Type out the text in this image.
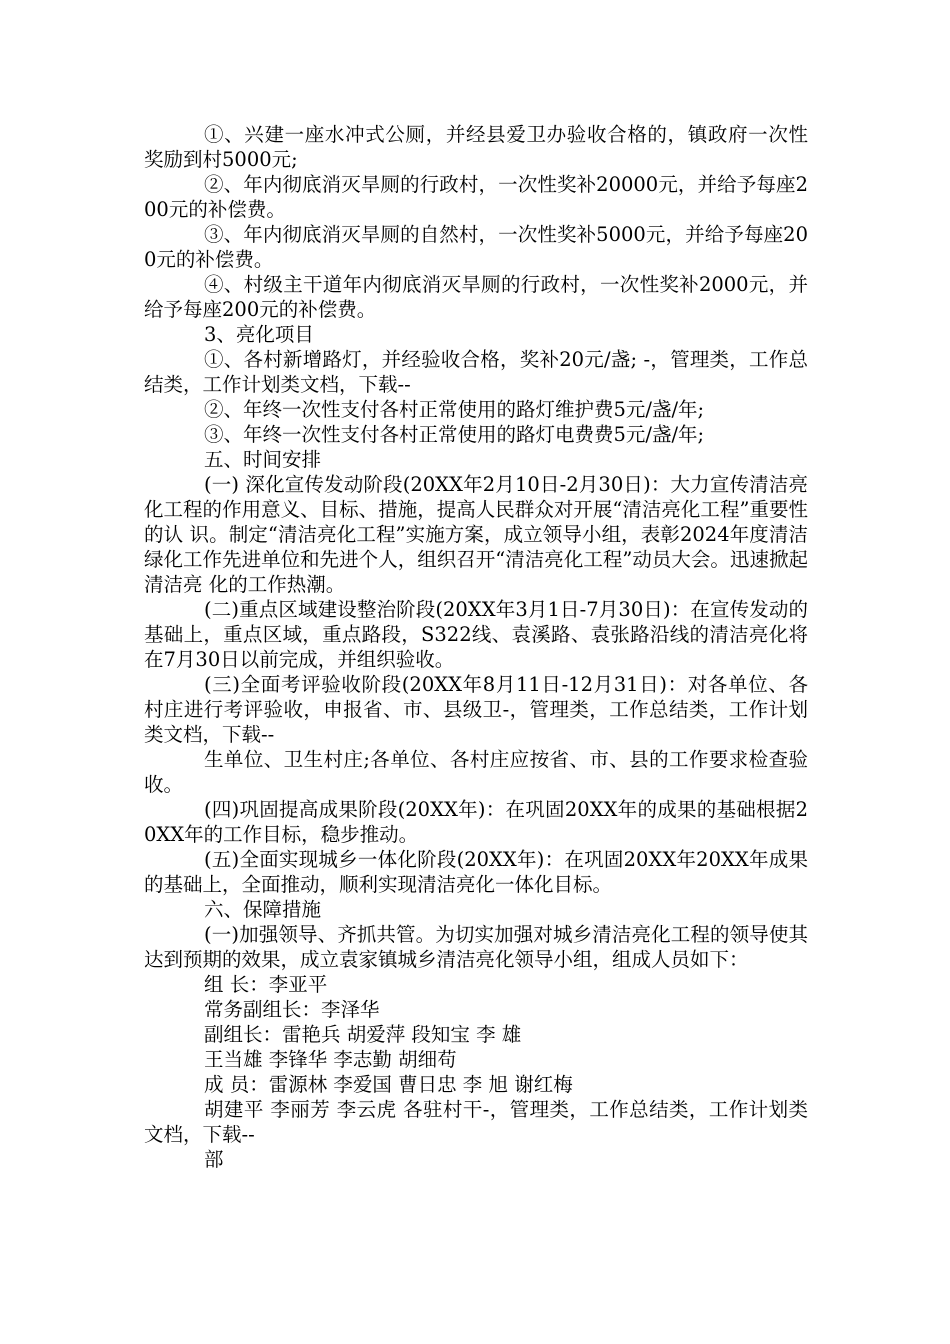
①、兴建一座水冲式公厕，并经县爱卫办验收合格的，镇政府一次性奖励到村5000元;

②、年内彻底消灭旱厕的行政村，一次性奖补20000元，并给予每座200元的补偿费。

③、年内彻底消灭旱厕的自然村，一次性奖补5000元，并给予每座200元的补偿费。

④、村级主干道年内彻底消灭旱厕的行政村，一次性奖补2000元，并给予每座200元的补偿费。

3、亮化项目

①、各村新增路灯，并经验收合格，奖补20元/盏; -，管理类，工作总结类，工作计划类文档，下载--

②、年终一次性支付各村正常使用的路灯维护费5元/盏/年;

③、年终一次性支付各村正常使用的路灯电费费5元/盏/年;

五、时间安排

(一) 深化宣传发动阶段(20XX年2月10日-2月30日)：大力宣传清洁亮化工程的作用意义、目标、措施，提高人民群众对开展“清洁亮化工程”重要性的认 识。制定“清洁亮化工程”实施方案，成立领导小组，表彰2024年度清洁绿化工作先进单位和先进个人，组织召开“清洁亮化工程”动员大会。迅速掀起清洁亮 化的工作热潮。

(二)重点区域建设整治阶段(20XX年3月1日-7月30日)：在宣传发动的基础上，重点区域，重点路段，S322线、袁溪路、袁张路沿线的清洁亮化将在7月30日以前完成，并组织验收。

(三)全面考评验收阶段(20XX年8月11日-12月31日)：对各单位、各村庄进行考评验收，申报省、市、县级卫-，管理类，工作总结类，工作计划类文档，下载--

生单位、卫生村庄;各单位、各村庄应按省、市、县的工作要求检查验收。

(四)巩固提高成果阶段(20XX年)：在巩固20XX年的成果的基础根据20XX年的工作目标，稳步推动。

(五)全面实现城乡一体化阶段(20XX年)：在巩固20XX年20XX年成果的基础上，全面推动，顺利实现清洁亮化一体化目标。

六、保障措施

(一)加强领导、齐抓共管。为切实加强对城乡清洁亮化工程的领导使其达到预期的效果，成立袁家镇城乡清洁亮化领导小组，组成人员如下：

组 长：李亚平

常务副组长：李泽华

副组长：雷艳兵 胡爱萍 段知宝 李 雄

王当雄 李锋华 李志勤 胡细苟

成 员：雷源林 李爱国 曹日忠 李 旭 谢红梅

胡建平 李丽芳 李云虎 各驻村干-，管理类，工作总结类，工作计划类文档，下载--

部
